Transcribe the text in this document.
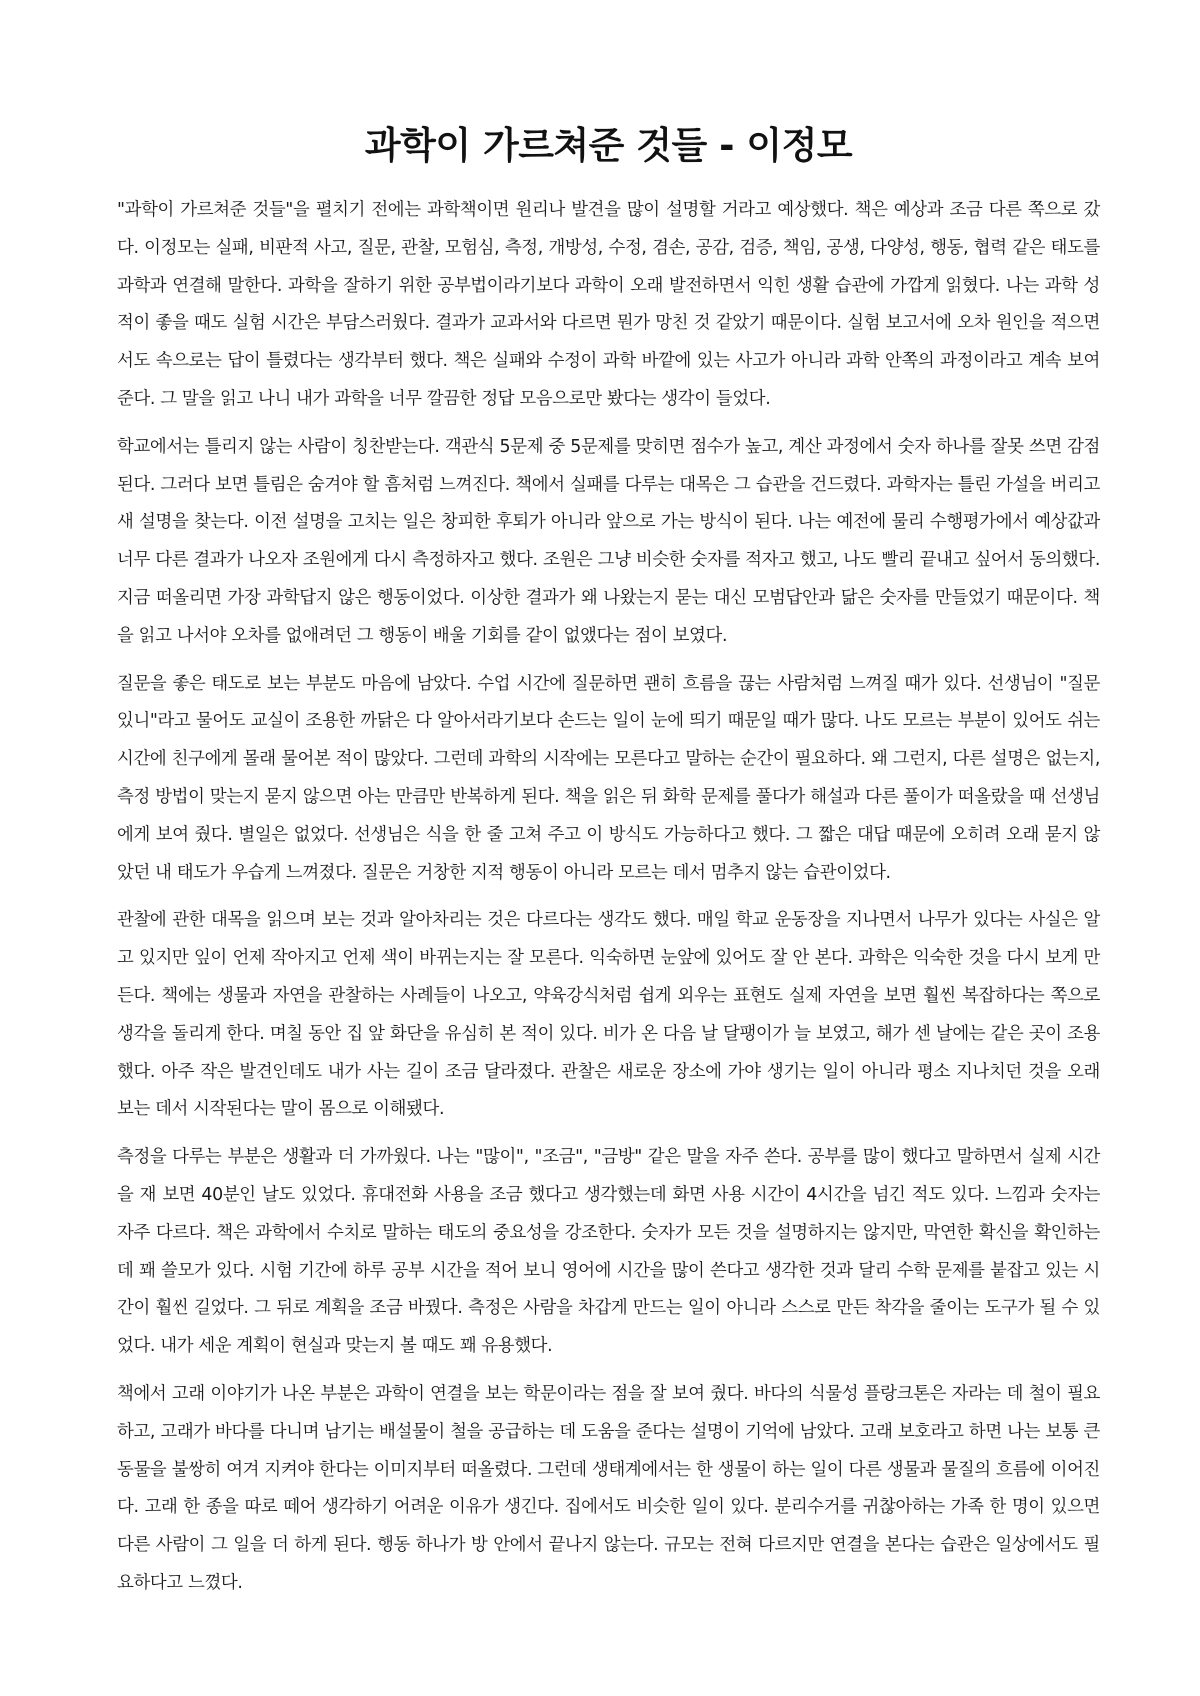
과학이 가르쳐준 것들 - 이정모

"과학이 가르쳐준 것들"을 펼치기 전에는 과학책이면 원리나 발견을 많이 설명할 거라고 예상했다. 책은 예상과 조금 다른 쪽으로 갔다. 이정모는 실패, 비판적 사고, 질문, 관찰, 모험심, 측정, 개방성, 수정, 겸손, 공감, 검증, 책임, 공생, 다양성, 행동, 협력 같은 태도를 과학과 연결해 말한다. 과학을 잘하기 위한 공부법이라기보다 과학이 오래 발전하면서 익힌 생활 습관에 가깝게 읽혔다. 나는 과학 성적이 좋을 때도 실험 시간은 부담스러웠다. 결과가 교과서와 다르면 뭔가 망친 것 같았기 때문이다. 실험 보고서에 오차 원인을 적으면서도 속으로는 답이 틀렸다는 생각부터 했다. 책은 실패와 수정이 과학 바깥에 있는 사고가 아니라 과학 안쪽의 과정이라고 계속 보여 준다. 그 말을 읽고 나니 내가 과학을 너무 깔끔한 정답 모음으로만 봤다는 생각이 들었다.

학교에서는 틀리지 않는 사람이 칭찬받는다. 객관식 5문제 중 5문제를 맞히면 점수가 높고, 계산 과정에서 숫자 하나를 잘못 쓰면 감점된다. 그러다 보면 틀림은 숨겨야 할 흠처럼 느껴진다. 책에서 실패를 다루는 대목은 그 습관을 건드렸다. 과학자는 틀린 가설을 버리고 새 설명을 찾는다. 이전 설명을 고치는 일은 창피한 후퇴가 아니라 앞으로 가는 방식이 된다. 나는 예전에 물리 수행평가에서 예상값과 너무 다른 결과가 나오자 조원에게 다시 측정하자고 했다. 조원은 그냥 비슷한 숫자를 적자고 했고, 나도 빨리 끝내고 싶어서 동의했다. 지금 떠올리면 가장 과학답지 않은 행동이었다. 이상한 결과가 왜 나왔는지 묻는 대신 모범답안과 닮은 숫자를 만들었기 때문이다. 책을 읽고 나서야 오차를 없애려던 그 행동이 배울 기회를 같이 없앴다는 점이 보였다.

질문을 좋은 태도로 보는 부분도 마음에 남았다. 수업 시간에 질문하면 괜히 흐름을 끊는 사람처럼 느껴질 때가 있다. 선생님이 "질문 있니"라고 물어도 교실이 조용한 까닭은 다 알아서라기보다 손드는 일이 눈에 띄기 때문일 때가 많다. 나도 모르는 부분이 있어도 쉬는 시간에 친구에게 몰래 물어본 적이 많았다. 그런데 과학의 시작에는 모른다고 말하는 순간이 필요하다. 왜 그런지, 다른 설명은 없는지, 측정 방법이 맞는지 묻지 않으면 아는 만큼만 반복하게 된다. 책을 읽은 뒤 화학 문제를 풀다가 해설과 다른 풀이가 떠올랐을 때 선생님에게 보여 줬다. 별일은 없었다. 선생님은 식을 한 줄 고쳐 주고 이 방식도 가능하다고 했다. 그 짧은 대답 때문에 오히려 오래 묻지 않았던 내 태도가 우습게 느껴졌다. 질문은 거창한 지적 행동이 아니라 모르는 데서 멈추지 않는 습관이었다.

관찰에 관한 대목을 읽으며 보는 것과 알아차리는 것은 다르다는 생각도 했다. 매일 학교 운동장을 지나면서 나무가 있다는 사실은 알고 있지만 잎이 언제 작아지고 언제 색이 바뀌는지는 잘 모른다. 익숙하면 눈앞에 있어도 잘 안 본다. 과학은 익숙한 것을 다시 보게 만든다. 책에는 생물과 자연을 관찰하는 사례들이 나오고, 약육강식처럼 쉽게 외우는 표현도 실제 자연을 보면 훨씬 복잡하다는 쪽으로 생각을 돌리게 한다. 며칠 동안 집 앞 화단을 유심히 본 적이 있다. 비가 온 다음 날 달팽이가 늘 보였고, 해가 센 날에는 같은 곳이 조용했다. 아주 작은 발견인데도 내가 사는 길이 조금 달라졌다. 관찰은 새로운 장소에 가야 생기는 일이 아니라 평소 지나치던 것을 오래 보는 데서 시작된다는 말이 몸으로 이해됐다.

측정을 다루는 부분은 생활과 더 가까웠다. 나는 "많이", "조금", "금방" 같은 말을 자주 쓴다. 공부를 많이 했다고 말하면서 실제 시간을 재 보면 40분인 날도 있었다. 휴대전화 사용을 조금 했다고 생각했는데 화면 사용 시간이 4시간을 넘긴 적도 있다. 느낌과 숫자는 자주 다르다. 책은 과학에서 수치로 말하는 태도의 중요성을 강조한다. 숫자가 모든 것을 설명하지는 않지만, 막연한 확신을 확인하는 데 꽤 쓸모가 있다. 시험 기간에 하루 공부 시간을 적어 보니 영어에 시간을 많이 쓴다고 생각한 것과 달리 수학 문제를 붙잡고 있는 시간이 훨씬 길었다. 그 뒤로 계획을 조금 바꿨다. 측정은 사람을 차갑게 만드는 일이 아니라 스스로 만든 착각을 줄이는 도구가 될 수 있었다. 내가 세운 계획이 현실과 맞는지 볼 때도 꽤 유용했다.

책에서 고래 이야기가 나온 부분은 과학이 연결을 보는 학문이라는 점을 잘 보여 줬다. 바다의 식물성 플랑크톤은 자라는 데 철이 필요하고, 고래가 바다를 다니며 남기는 배설물이 철을 공급하는 데 도움을 준다는 설명이 기억에 남았다. 고래 보호라고 하면 나는 보통 큰 동물을 불쌍히 여겨 지켜야 한다는 이미지부터 떠올렸다. 그런데 생태계에서는 한 생물이 하는 일이 다른 생물과 물질의 흐름에 이어진다. 고래 한 종을 따로 떼어 생각하기 어려운 이유가 생긴다. 집에서도 비슷한 일이 있다. 분리수거를 귀찮아하는 가족 한 명이 있으면 다른 사람이 그 일을 더 하게 된다. 행동 하나가 방 안에서 끝나지 않는다. 규모는 전혀 다르지만 연결을 본다는 습관은 일상에서도 필요하다고 느꼈다.
